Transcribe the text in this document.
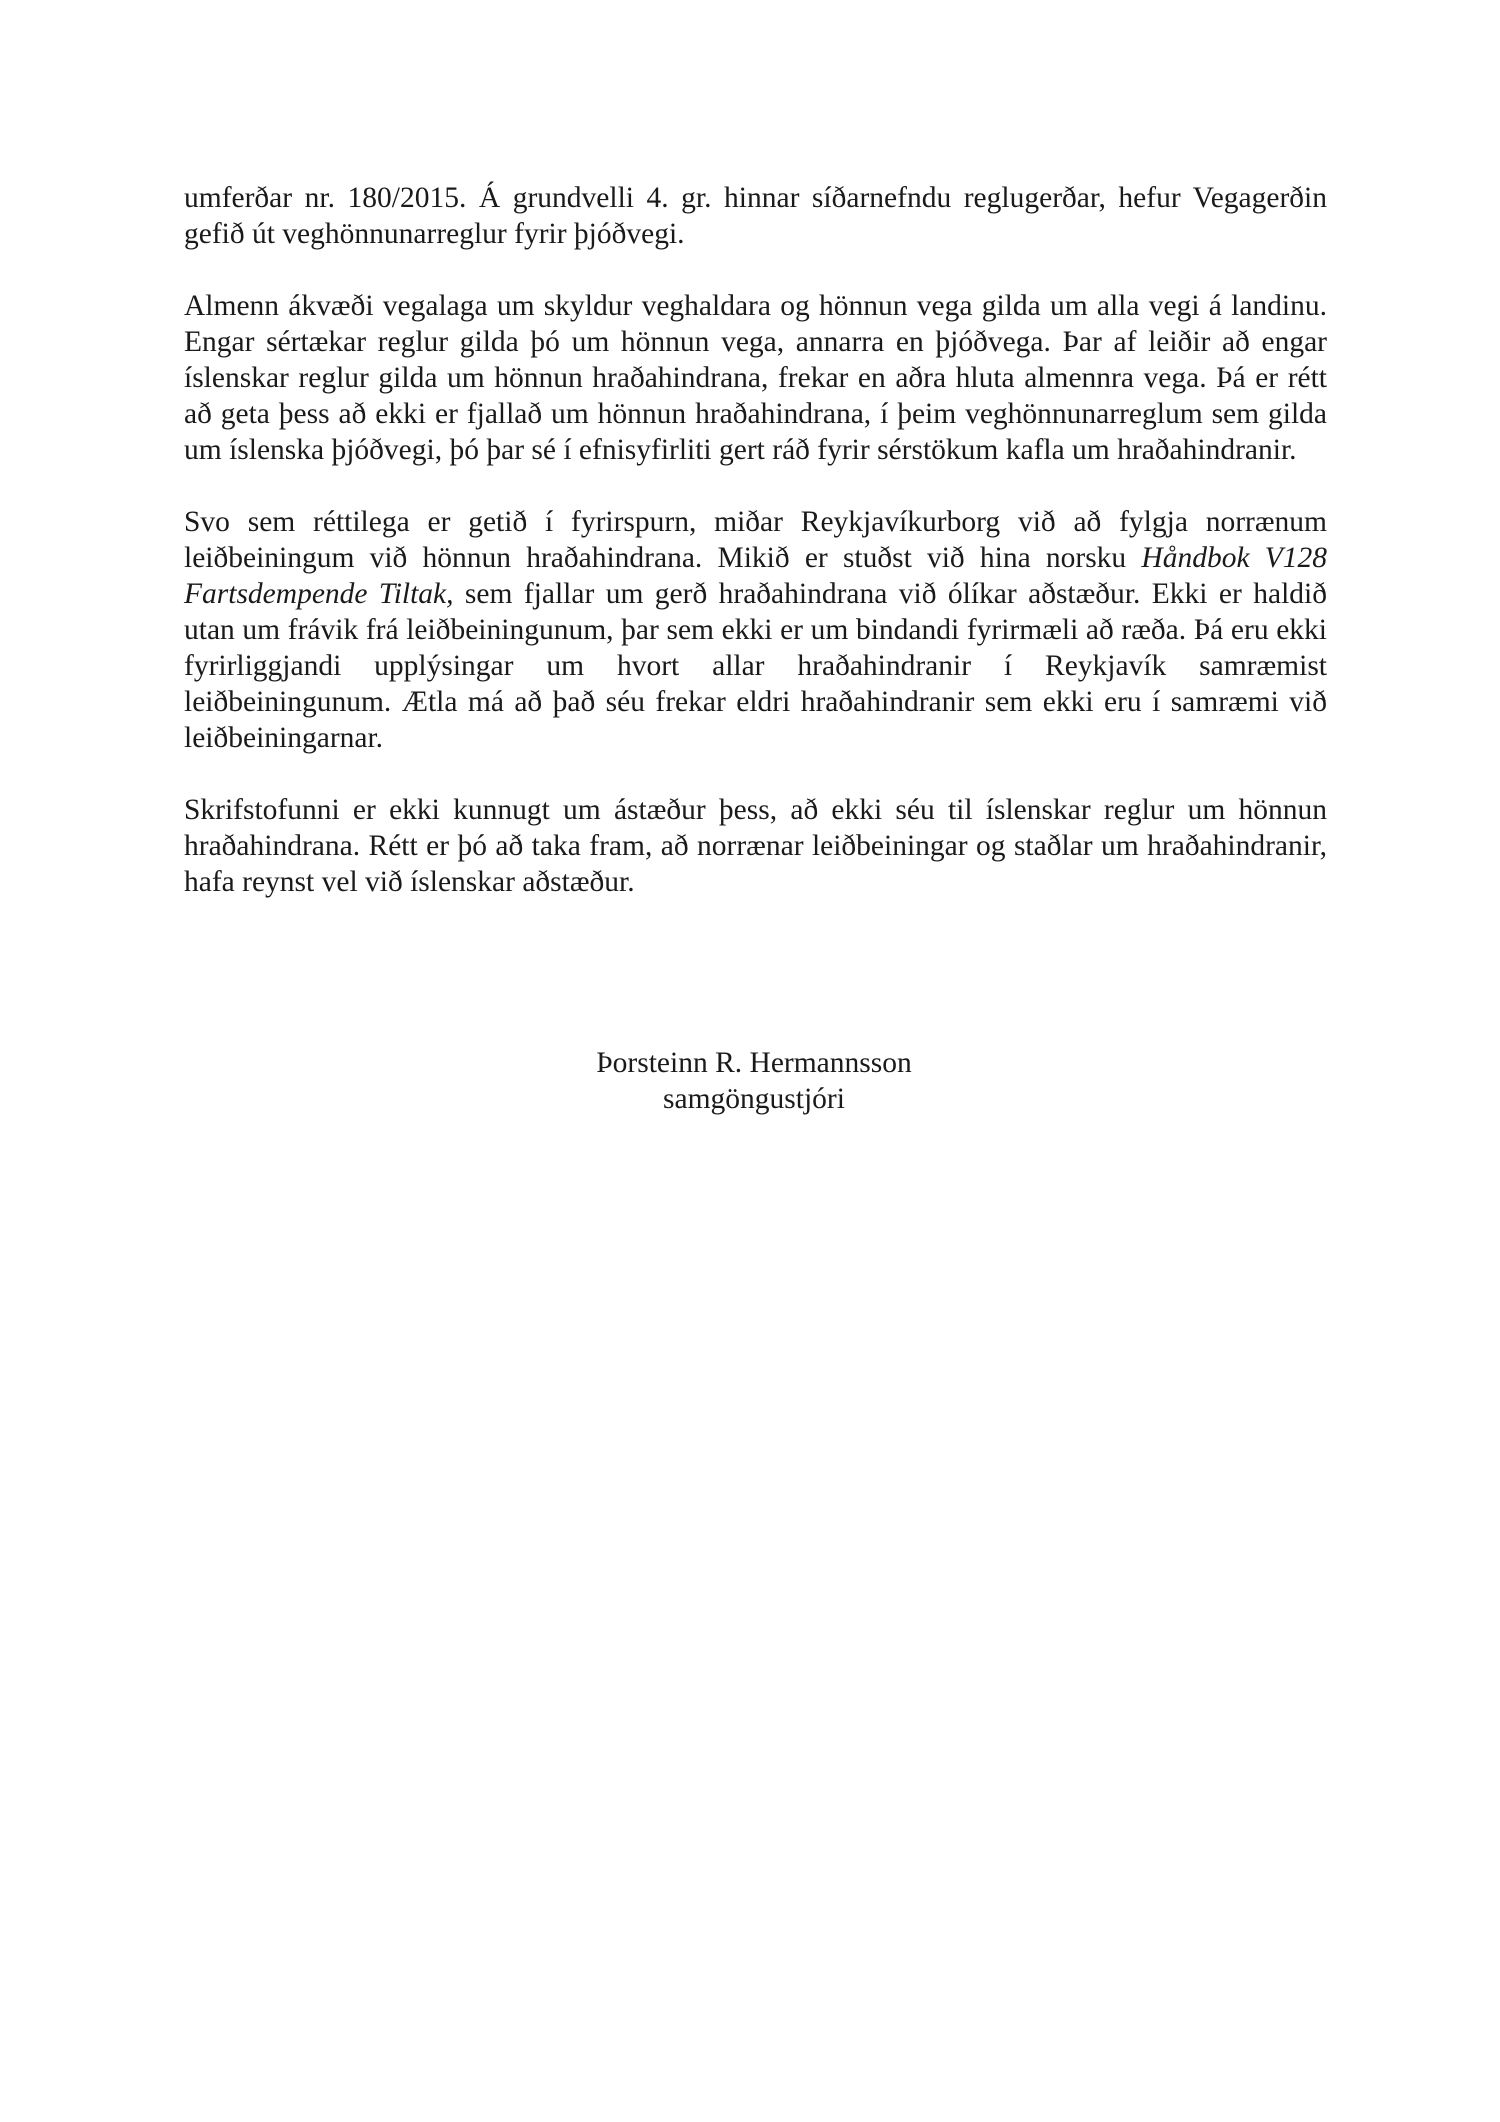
umferðar nr. 180/2015. Á grundvelli 4. gr. hinnar síðarnefndu reglugerðar, hefur Vegagerðin gefið út veghönnunarreglur fyrir þjóðvegi.

Almenn ákvæði vegalaga um skyldur veghaldara og hönnun vega gilda um alla vegi á landinu. Engar sértækar reglur gilda þó um hönnun vega, annarra en þjóðvega. Þar af leiðir að engar íslenskar reglur gilda um hönnun hraðahindrana, frekar en aðra hluta almennra vega. Þá er rétt að geta þess að ekki er fjallað um hönnun hraðahindrana, í þeim veghönnunarreglum sem gilda um íslenska þjóðvegi, þó þar sé í efnisyfirliti gert ráð fyrir sérstökum kafla um hraðahindranir.

Svo sem réttilega er getið í fyrirspurn, miðar Reykjavíkurborg við að fylgja norrænum leiðbeiningum við hönnun hraðahindrana. Mikið er stuðst við hina norsku Håndbok V128 Fartsdempende Tiltak, sem fjallar um gerð hraðahindrana við ólíkar aðstæður. Ekki er haldið utan um frávik frá leiðbeiningunum, þar sem ekki er um bindandi fyrirmæli að ræða. Þá eru ekki fyrirliggjandi upplýsingar um hvort allar hraðahindranir í Reykjavík samræmist leiðbeiningunum. Ætla má að það séu frekar eldri hraðahindranir sem ekki eru í samræmi við leiðbeiningarnar.

Skrifstofunni er ekki kunnugt um ástæður þess, að ekki séu til íslenskar reglur um hönnun hraðahindrana. Rétt er þó að taka fram, að norrænar leiðbeiningar og staðlar um hraðahindranir, hafa reynst vel við íslenskar aðstæður.

Þorsteinn R. Hermannsson
samgöngustjóri
